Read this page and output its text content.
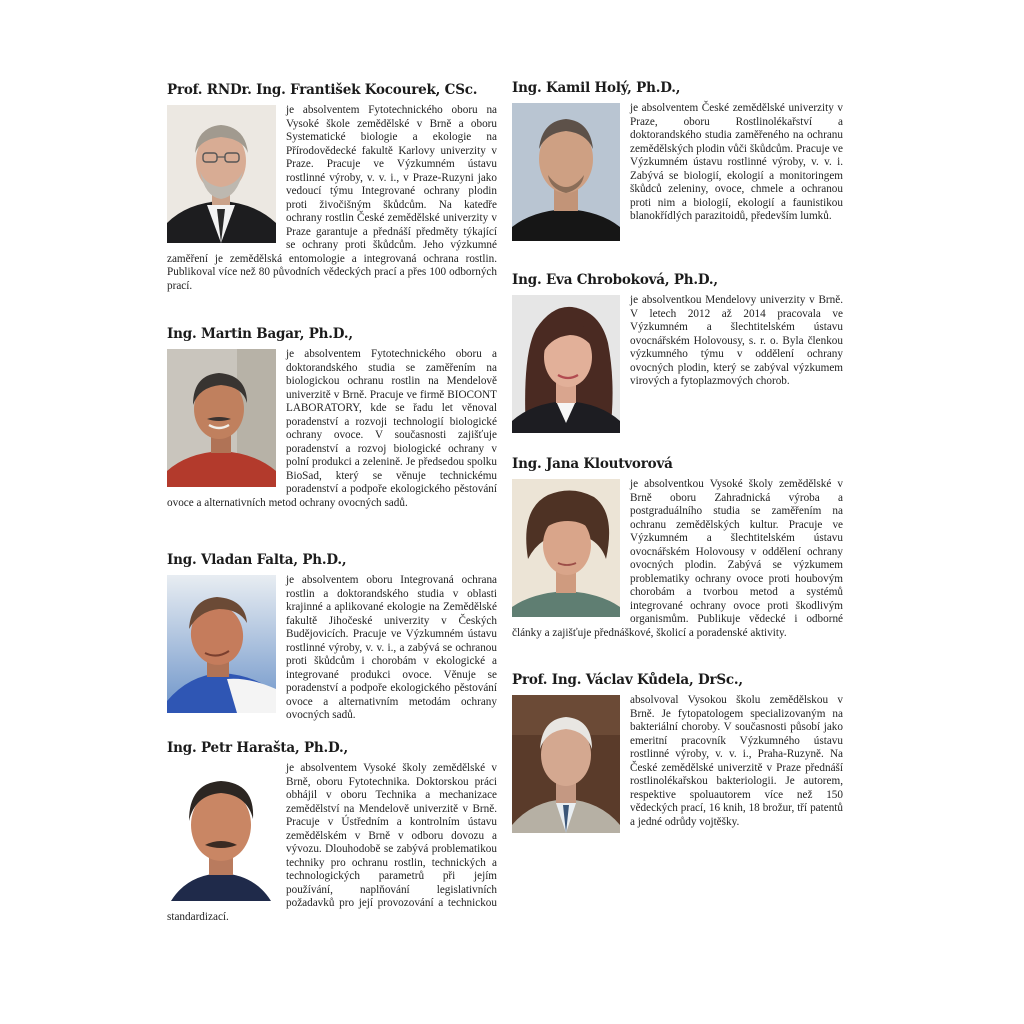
Prof. RNDr. Ing. František Kocourek, CSc.

je absolventem Fytotechnického oboru na Vysoké škole zemědělské v Brně a oboru Systematické biologie a ekologie na Přírodovědecké fakultě Karlovy univerzity v Praze. Pracuje ve Výzkumném ústavu rostlinné výroby, v. v. i., v Praze-Ruzyni jako vedoucí týmu Integrované ochrany plodin proti živočišným škůdcům. Na katedře ochrany rostlin České zemědělské univerzity v Praze garantuje a přednáší předměty týkající se ochrany proti škůdcům. Jeho výzkumné zaměření je zemědělská entomologie a integrovaná ochrana rostlin. Publikoval více než 80 původních vědeckých prací a přes 100 odborných prací.

Ing. Martin Bagar, Ph.D.,

je absolventem Fytotechnického oboru a doktorandského studia se zaměřením na biologickou ochranu rostlin na Mendelově univerzitě v Brně. Pracuje ve firmě BIOCONT LABORATORY, kde se řadu let věnoval poradenství a rozvoji technologií biologické ochrany ovoce. V současnosti zajišťuje poradenství a rozvoj biologické ochrany v polní produkci a zelenině. Je předsedou spolku BioSad, který se věnuje technickému poradenství a podpoře ekologického pěstování ovoce a alternativních metod ochrany ovocných sadů.

Ing. Vladan Falta, Ph.D.,

je absolventem oboru Integrovaná ochrana rostlin a doktorandského studia v oblasti krajinné a aplikované ekologie na Zemědělské fakultě Jihočeské univerzity v Českých Budějovicích. Pracuje ve Výzkumném ústavu rostlinné výroby, v. v. i., a zabývá se ochranou proti škůdcům i chorobám v ekologické a integrované produkci ovoce. Věnuje se poradenství a podpoře ekologického pěstování ovoce a alternativním metodám ochrany ovocných sadů.

Ing. Petr Harašta, Ph.D.,

je absolventem Vysoké školy zemědělské v Brně, oboru Fytotechnika. Doktorskou práci obhájil v oboru Technika a mechanizace zemědělství na Mendelově univerzitě v Brně. Pracuje v Ústředním a kontrolním ústavu zemědělském v Brně v odboru dovozu a vývozu. Dlouhodobě se zabývá problematikou techniky pro ochranu rostlin, technických a technologických parametrů při jejím používání, naplňování legislativních požadavků pro její provozování a technickou standardizací.

Ing. Kamil Holý, Ph.D.,

je absolventem České zemědělské univerzity v Praze, oboru Rostlinolékařství a doktorandského studia zaměřeného na ochranu zemědělských plodin vůči škůdcům. Pracuje ve Výzkumném ústavu rostlinné výroby, v. v. i. Zabývá se biologií, ekologií a monitoringem škůdců zeleniny, ovoce, chmele a ochranou proti nim a biologií, ekologií a faunistikou blanokřídlých parazitoidů, především lumků.

Ing. Eva Chroboková, Ph.D.,

je absolventkou Mendelovy univerzity v Brně. V letech 2012 až 2014 pracovala ve Výzkumném a šlechtitelském ústavu ovocnářském Holovousy, s. r. o. Byla členkou výzkumného týmu v oddělení ochrany ovocných plodin, který se zabýval výzkumem virových a fytoplazmových chorob.

Ing. Jana Kloutvorová

je absolventkou Vysoké školy zemědělské v Brně oboru Zahradnická výroba a postgraduálního studia se zaměřením na ochranu zemědělských kultur. Pracuje ve Výzkumném a šlechtitelském ústavu ovocnářském Holovousy v oddělení ochrany ovocných plodin. Zabývá se výzkumem problematiky ochrany ovoce proti houbovým chorobám a tvorbou metod a systémů integrované ochrany ovoce proti škodlivým organismům. Publikuje vědecké i odborné články a zajišťuje přednáškové, školicí a poradenské aktivity.

Prof. Ing. Václav Kůdela, DrSc.,

absolvoval Vysokou školu zemědělskou v Brně. Je fytopatologem specializovaným na bakteriální choroby. V současnosti působí jako emeritní pracovník Výzkumného ústavu rostlinné výroby, v. v. i., Praha-Ruzyně. Na České zemědělské univerzitě v Praze přednáší rostlinolékařskou bakteriologii. Je autorem, respektive spoluautorem více než 150 vědeckých prací, 16 knih, 18 brožur, tří patentů a jedné odrůdy vojtěšky.
